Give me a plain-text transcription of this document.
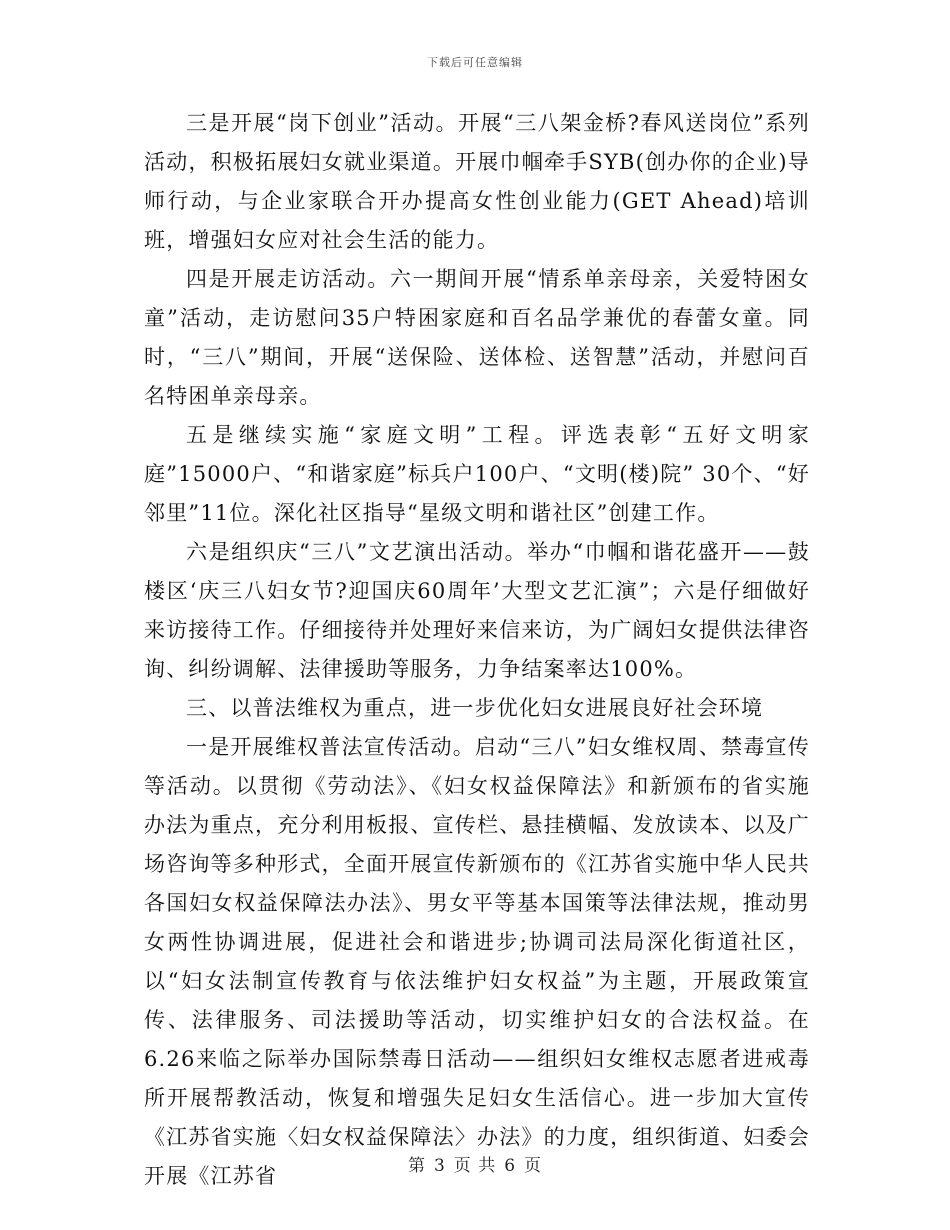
下载后可任意编辑

三是开展“岗下创业”活动。开展“三八架金桥?春风送岗位”系列活动，积极拓展妇女就业渠道。开展巾帼牵手SYB(创办你的企业)导师行动，与企业家联合开办提高女性创业能力(GET Ahead)培训班，增强妇女应对社会生活的能力。

四是开展走访活动。六一期间开展“情系单亲母亲，关爱特困女童”活动，走访慰问35户特困家庭和百名品学兼优的春蕾女童。同时，“三八”期间，开展“送保险、送体检、送智慧”活动，并慰问百名特困单亲母亲。

五是继续实施“家庭文明”工程。评选表彰“五好文明家庭”15000户、“和谐家庭”标兵户100户、“文明(楼)院” 30个、“好邻里”11位。深化社区指导“星级文明和谐社区”创建工作。

六是组织庆“三八”文艺演出活动。举办“巾帼和谐花盛开——鼓楼区‘庆三八妇女节?迎国庆60周年’大型文艺汇演”；六是仔细做好来访接待工作。仔细接待并处理好来信来访，为广阔妇女提供法律咨询、纠纷调解、法律援助等服务，力争结案率达100%。

三、以普法维权为重点，进一步优化妇女进展良好社会环境

一是开展维权普法宣传活动。启动“三八”妇女维权周、禁毒宣传等活动。以贯彻《劳动法》、《妇女权益保障法》和新颁布的省实施办法为重点，充分利用板报、宣传栏、悬挂横幅、发放读本、以及广场咨询等多种形式，全面开展宣传新颁布的《江苏省实施中华人民共各国妇女权益保障法办法》、男女平等基本国策等法律法规，推动男女两性协调进展，促进社会和谐进步;协调司法局深化街道社区，以“妇女法制宣传教育与依法维护妇女权益”为主题，开展政策宣传、法律服务、司法援助等活动，切实维护妇女的合法权益。在6.26来临之际举办国际禁毒日活动——组织妇女维权志愿者进戒毒所开展帮教活动，恢复和增强失足妇女生活信心。进一步加大宣传《江苏省实施〈妇女权益保障法〉办法》的力度，组织街道、妇委会开展《江苏省	第 3 页 共 6 页
